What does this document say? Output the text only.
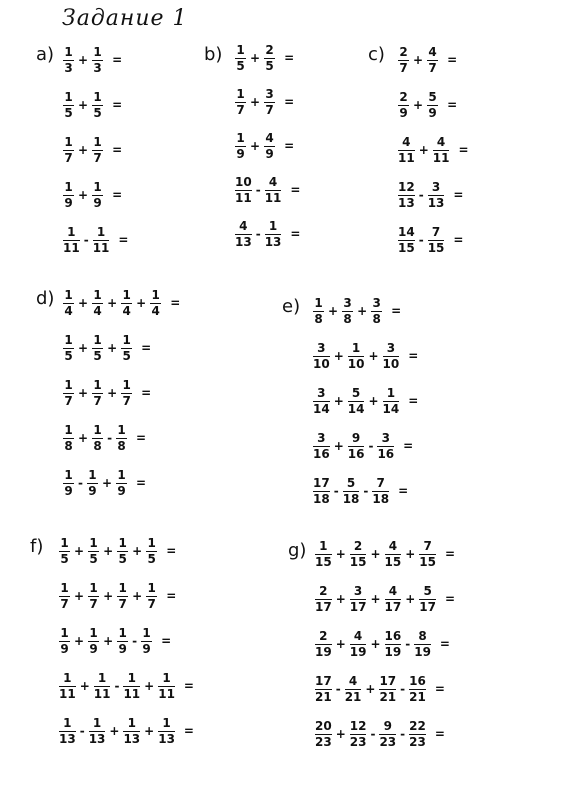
Задание 1
$a) \frac{1}{3} + \frac{1}{3}$ =
$\frac{1}{5} + \frac{1}{5}$ =
$\frac{1}{7} + \frac{1}{7}$ =
$\frac{1}{9} + \frac{1}{9}$ =
$\frac{1}{11} - \frac{1}{11}$ =
$b) \frac{1}{5} + \frac{2}{5}$ =
$\frac{1}{7} + \frac{3}{7}$ =
$\frac{1}{9} + \frac{4}{9}$ =
$\frac{10}{11} - \frac{4}{11}$ =
$\frac{4}{13} - \frac{1}{13}$ =
$c) \frac{2}{7} + \frac{4}{7}$ =
$\frac{2}{9} + \frac{5}{9}$ =
$\frac{4}{11} + \frac{4}{11}$ =
$\frac{12}{13} - \frac{3}{13}$ =
$\frac{14}{15} - \frac{7}{15}$ =
$d) \frac{1}{4} + \frac{1}{4} + \frac{1}{4} + \frac{1}{4}$ =
$\frac{1}{5} + \frac{1}{5} + \frac{1}{5}$ =
$\frac{1}{7} + \frac{1}{7} + \frac{1}{7}$ =
$\frac{1}{8} + \frac{1}{8} - \frac{1}{8}$ =
$\frac{1}{9} - \frac{1}{9} + \frac{1}{9}$ =
$e) \frac{1}{8} + \frac{3}{8} + \frac{3}{8}$ =
$\frac{3}{10} + \frac{1}{10} + \frac{3}{10}$ =
$\frac{3}{14} + \frac{5}{14} + \frac{1}{14}$ =
$\frac{3}{16} + \frac{9}{16} - \frac{3}{16}$ =
$\frac{17}{18} - \frac{5}{18} - \frac{7}{18}$ =
$f) \frac{1}{5} + \frac{1}{5} + \frac{1}{5} + \frac{1}{5}$ =
$\frac{1}{7} + \frac{1}{7} + \frac{1}{7} + \frac{1}{7}$ =
$\frac{1}{9} + \frac{1}{9} + \frac{1}{9} - \frac{1}{9}$ =
$\frac{1}{11} + \frac{1}{11} - \frac{1}{11} + \frac{1}{11}$ =
$\frac{1}{13} - \frac{1}{13} + \frac{1}{13} + \frac{1}{13}$ =
$g) \frac{1}{15} + \frac{2}{15} + \frac{4}{15} + \frac{7}{15}$ =
$\frac{2}{17} + \frac{3}{17} + \frac{4}{17} + \frac{5}{17}$ =
$\frac{2}{19} + \frac{4}{19} + \frac{16}{19} - \frac{8}{19}$ =
$\frac{17}{21} - \frac{4}{21} + \frac{17}{21} - \frac{16}{21}$ =
$\frac{20}{23} + \frac{12}{23} - \frac{9}{23} - \frac{22}{23}$ =
